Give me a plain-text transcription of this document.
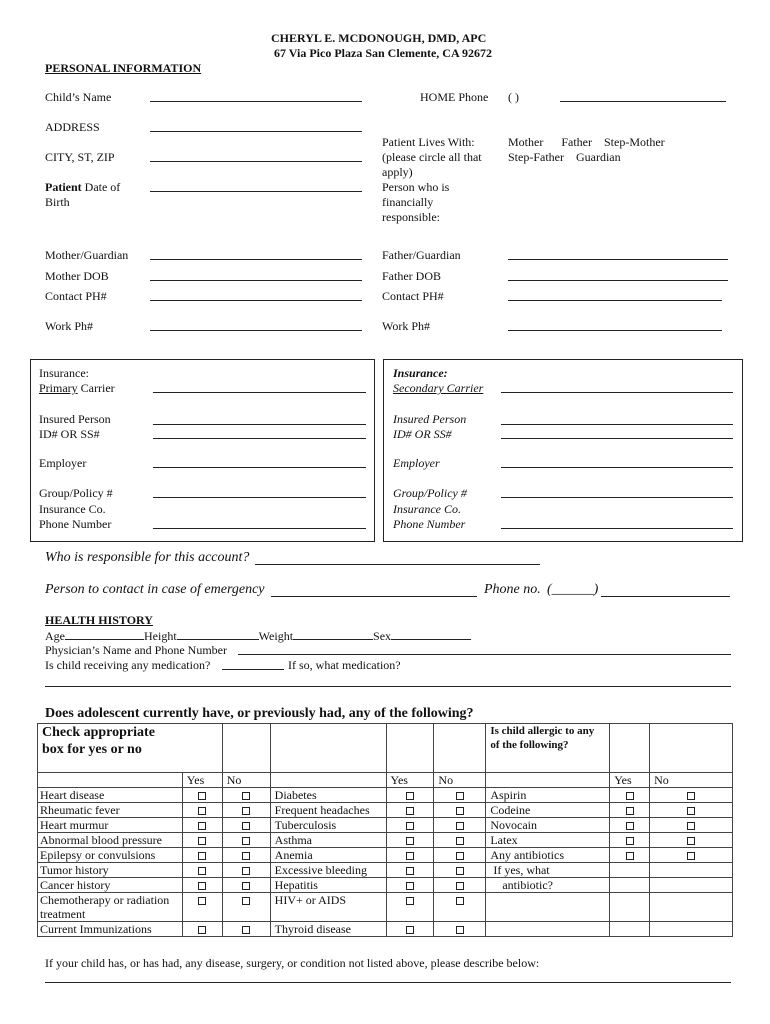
CHERYL E. MCDONOUGH, DMD, APC
67 Via Pico Plaza San Clemente, CA 92672
PERSONAL INFORMATION
Child’s Name	HOME Phone ( )
ADDRESS
CITY, ST, ZIP
Patient Date of
Birth
Patient Lives With:
(please circle all that
apply)
Mother      Father    Step-Mother
Step-Father    Guardian
Person who is
financially
responsible:
Mother/Guardian	Father/Guardian
Mother DOB	Father DOB
Contact PH#	Contact PH#
Work Ph#	Work Ph#
Insurance:
Primary Carrier
Insured Person
ID# OR SS#
Employer
Group/Policy #
Insurance Co.
Phone Number
Insurance:
Secondary Carrier
Insured Person
ID# OR SS#
Employer
Group/Policy #
Insurance Co.
Phone Number
Who is responsible for this account?
Person to contact in case of emergency	Phone no. (______)
HEALTH HISTORY
Age	Height	Weight	Sex
Physician’s Name and Phone Number
Is child receiving any medication?	If so, what medication?
Does adolescent currently have, or previously had, any of the following?
Check appropriate box for yes or no						Is child allergic to any of the following?		
	Yes	No		Yes	No		Yes	No
Heart disease			Diabetes			Aspirin		
Rheumatic fever			Frequent headaches			Codeine		
Heart murmur			Tuberculosis			Novocain		
Abnormal blood pressure			Asthma			Latex		
Epilepsy or convulsions			Anemia			Any antibiotics		
Tumor history			Excessive bleeding			If yes, what		
Cancer history			Hepatitis			antibiotic?		
Chemotherapy or radiation treatment			HIV+ or AIDS					
Current Immunizations			Thyroid disease					
If your child has, or has had, any disease, surgery, or condition not listed above, please describe below:
